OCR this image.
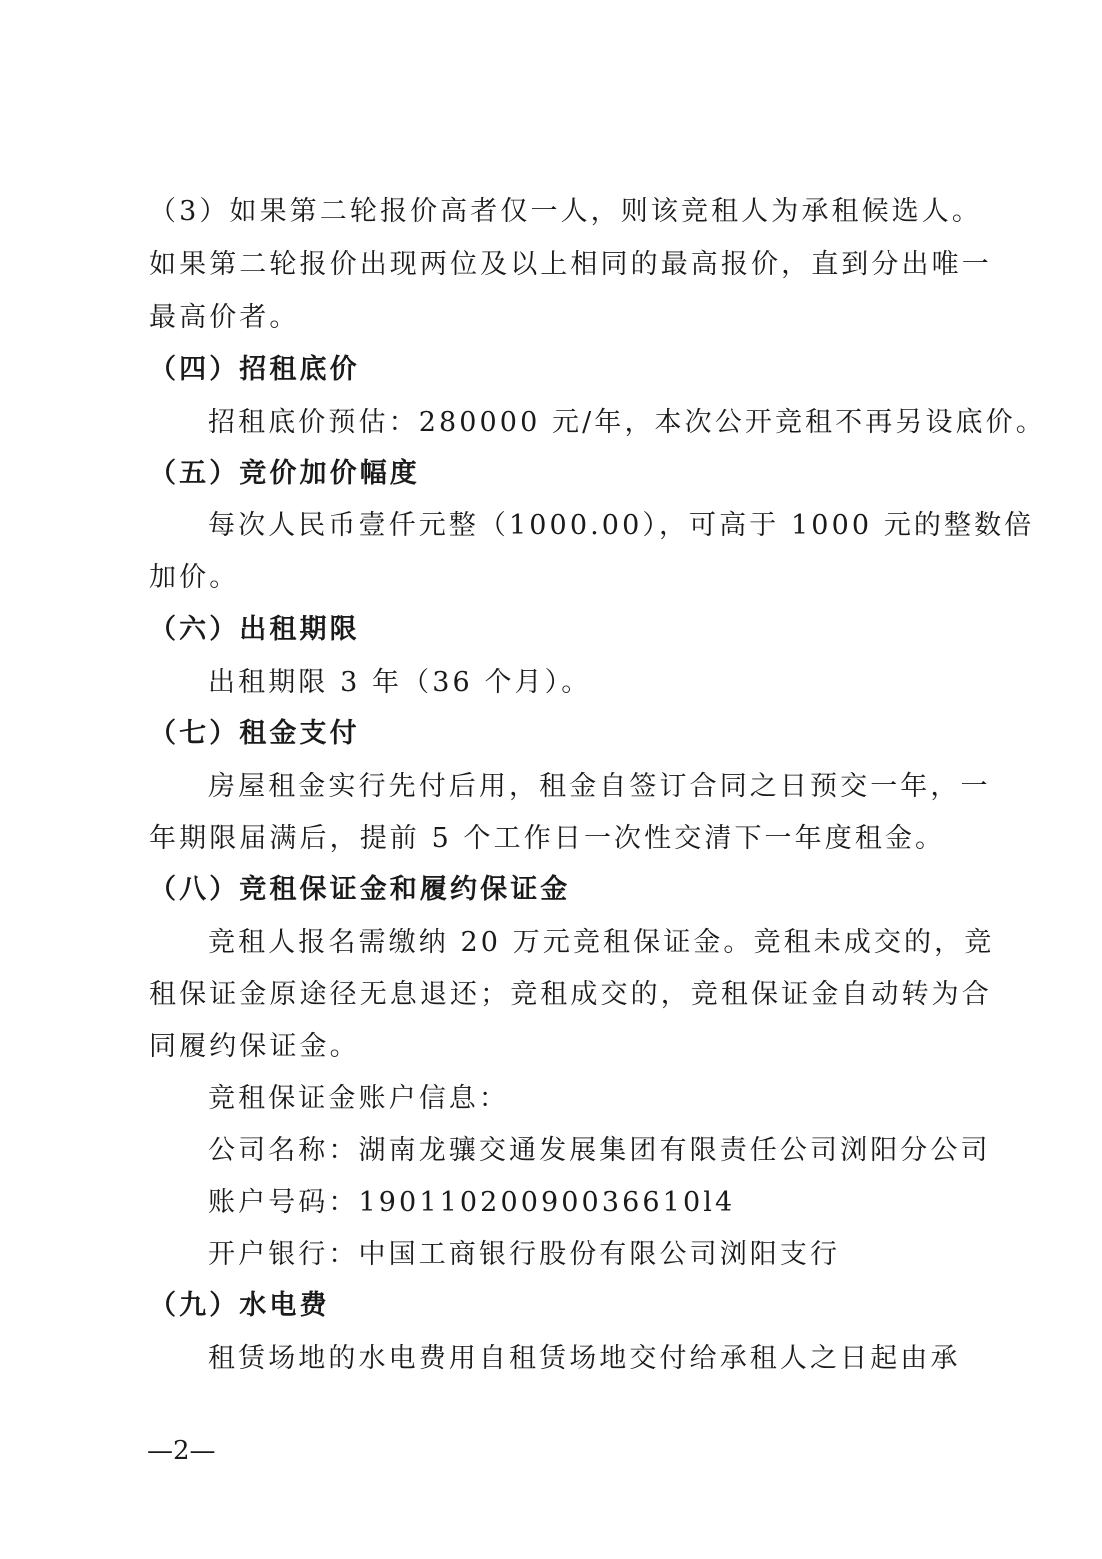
（3）如果第二轮报价高者仅一人，则该竞租人为承租候选人。
如果第二轮报价出现两位及以上相同的最高报价，直到分出唯一
最高价者。
（四）招租底价
招租底价预估：280000 元/年，本次公开竞租不再另设底价。
（五）竞价加价幅度
每次人民币壹仟元整（1000.00），可高于 1000 元的整数倍
加价。
（六）出租期限
出租期限 3 年（36 个月）。
（七）租金支付
房屋租金实行先付后用，租金自签订合同之日预交一年，一
年期限届满后，提前 5 个工作日一次性交清下一年度租金。
（八）竞租保证金和履约保证金
竞租人报名需缴纳 20 万元竞租保证金。竞租未成交的，竞
租保证金原途径无息退还；竞租成交的，竞租保证金自动转为合
同履约保证金。
竞租保证金账户信息：
公司名称：湖南龙骧交通发展集团有限责任公司浏阳分公司
账户号码：19011020090036610l4
开户银行：中国工商银行股份有限公司浏阳支行
（九）水电费
租赁场地的水电费用自租赁场地交付给承租人之日起由承
—2—
